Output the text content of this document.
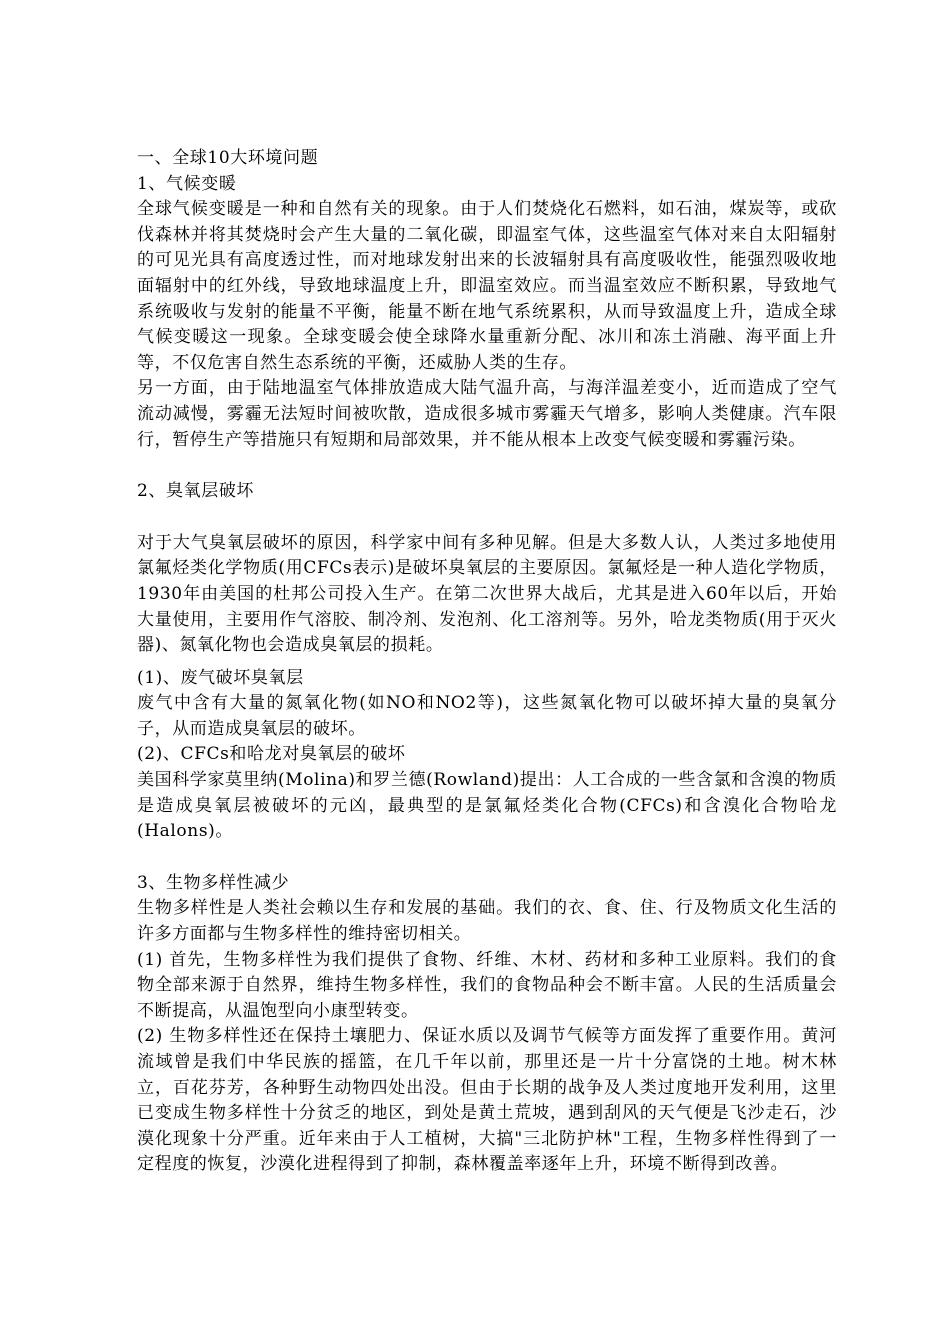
一、全球10大环境问题

1、气候变暖

全球气候变暖是一种和自然有关的现象。由于人们焚烧化石燃料，如石油，煤炭等，或砍伐森林并将其焚烧时会产生大量的二氧化碳，即温室气体，这些温室气体对来自太阳辐射的可见光具有高度透过性，而对地球发射出来的长波辐射具有高度吸收性，能强烈吸收地面辐射中的红外线，导致地球温度上升，即温室效应。而当温室效应不断积累，导致地气系统吸收与发射的能量不平衡，能量不断在地气系统累积，从而导致温度上升，造成全球气候变暖这一现象。全球变暖会使全球降水量重新分配、冰川和冻土消融、海平面上升等，不仅危害自然生态系统的平衡，还威胁人类的生存。

另一方面，由于陆地温室气体排放造成大陆气温升高，与海洋温差变小，近而造成了空气流动减慢，雾霾无法短时间被吹散，造成很多城市雾霾天气增多，影响人类健康。汽车限行，暂停生产等措施只有短期和局部效果，并不能从根本上改变气候变暖和雾霾污染。

2、臭氧层破坏

对于大气臭氧层破坏的原因，科学家中间有多种见解。但是大多数人认，人类过多地使用氯氟烃类化学物质(用CFCs表示)是破坏臭氧层的主要原因。氯氟烃是一种人造化学物质，1930年由美国的杜邦公司投入生产。在第二次世界大战后，尤其是进入60年以后，开始大量使用，主要用作气溶胶、制冷剂、发泡剂、化工溶剂等。另外，哈龙类物质(用于灭火器)、氮氧化物也会造成臭氧层的损耗。

(1)、废气破坏臭氧层

废气中含有大量的氮氧化物(如NO和NO2等)，这些氮氧化物可以破坏掉大量的臭氧分子，从而造成臭氧层的破坏。

(2)、CFCs和哈龙对臭氧层的破坏

美国科学家莫里纳(Molina)和罗兰德(Rowland)提出：人工合成的一些含氯和含溴的物质是造成臭氧层被破坏的元凶，最典型的是氯氟烃类化合物(CFCs)和含溴化合物哈龙(Halons)。

3、生物多样性减少

生物多样性是人类社会赖以生存和发展的基础。我们的衣、食、住、行及物质文化生活的许多方面都与生物多样性的维持密切相关。

(1) 首先，生物多样性为我们提供了食物、纤维、木材、药材和多种工业原料。我们的食物全部来源于自然界，维持生物多样性，我们的食物品种会不断丰富。人民的生活质量会不断提高，从温饱型向小康型转变。

(2) 生物多样性还在保持土壤肥力、保证水质以及调节气候等方面发挥了重要作用。黄河流域曾是我们中华民族的摇篮，在几千年以前，那里还是一片十分富饶的土地。树木林立，百花芬芳，各种野生动物四处出没。但由于长期的战争及人类过度地开发利用，这里已变成生物多样性十分贫乏的地区，到处是黄土荒坡，遇到刮风的天气便是飞沙走石，沙漠化现象十分严重。近年来由于人工植树，大搞"三北防护林"工程，生物多样性得到了一定程度的恢复，沙漠化进程得到了抑制，森林覆盖率逐年上升，环境不断得到改善。
